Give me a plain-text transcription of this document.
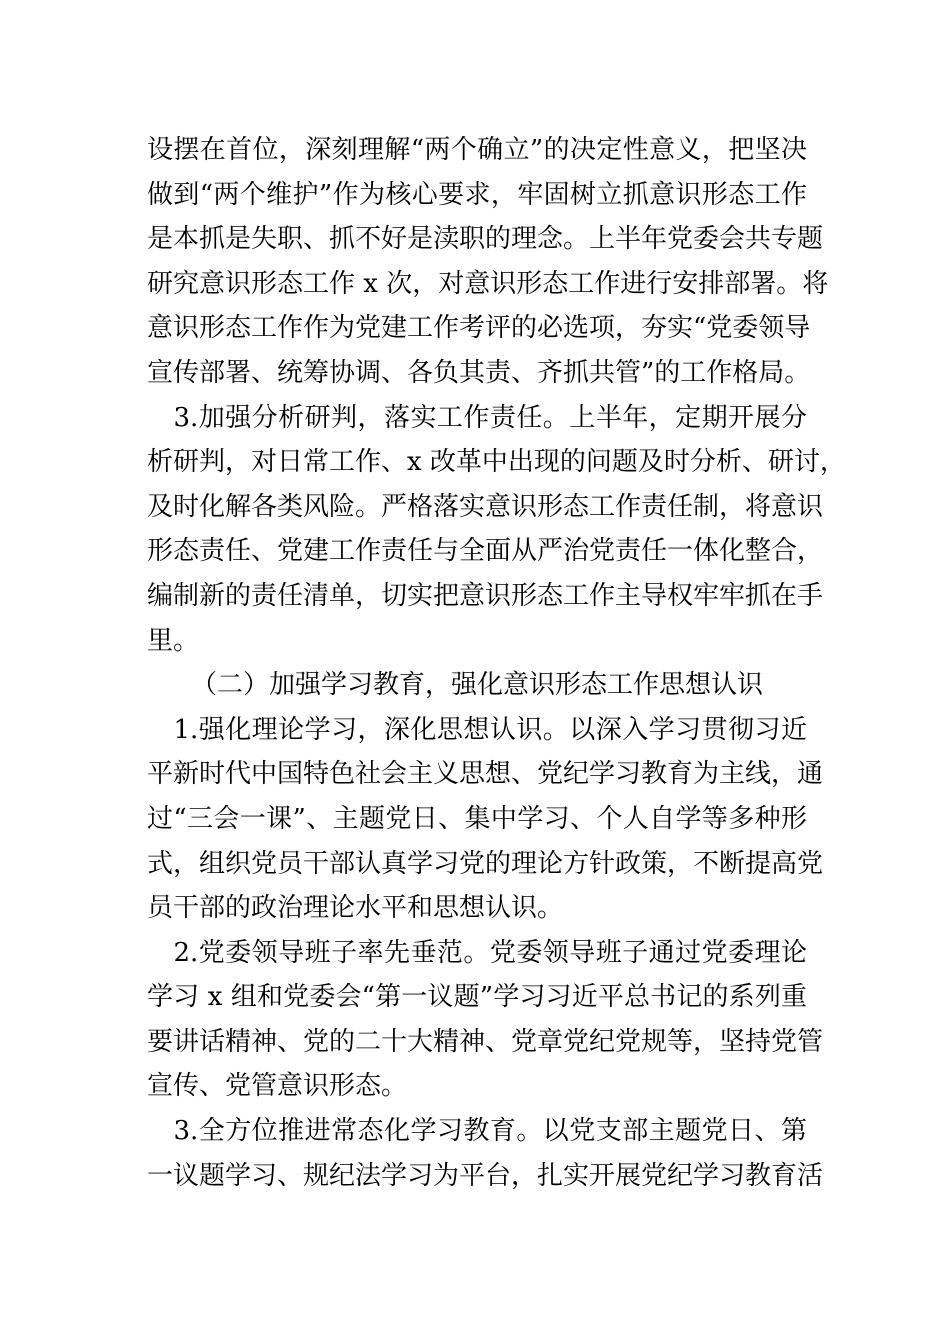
设摆在首位，深刻理解“两个确立”的决定性意义，把坚决
做到“两个维护”作为核心要求，牢固树立抓意识形态工作
是本抓是失职、抓不好是渎职的理念。上半年党委会共专题
研究意识形态工作 x 次，对意识形态工作进行安排部署。将
意识形态工作作为党建工作考评的必选项，夯实“党委领导
宣传部署、统筹协调、各负其责、齐抓共管”的工作格局。
　3.加强分析研判，落实工作责任。上半年，定期开展分
析研判，对日常工作、x 改革中出现的问题及时分析、研讨，
及时化解各类风险。严格落实意识形态工作责任制，将意识
形态责任、党建工作责任与全面从严治党责任一体化整合，
编制新的责任清单，切实把意识形态工作主导权牢牢抓在手
里。
（二）加强学习教育，强化意识形态工作思想认识
　1.强化理论学习，深化思想认识。以深入学习贯彻习近
平新时代中国特色社会主义思想、党纪学习教育为主线，通
过“三会一课”、主题党日、集中学习、个人自学等多种形
式，组织党员干部认真学习党的理论方针政策，不断提高党
员干部的政治理论水平和思想认识。
　2.党委领导班子率先垂范。党委领导班子通过党委理论
学习 x 组和党委会“第一议题”学习习近平总书记的系列重
要讲话精神、党的二十大精神、党章党纪党规等，坚持党管
宣传、党管意识形态。
　3.全方位推进常态化学习教育。以党支部主题党日、第
一议题学习、规纪法学习为平台，扎实开展党纪学习教育活
